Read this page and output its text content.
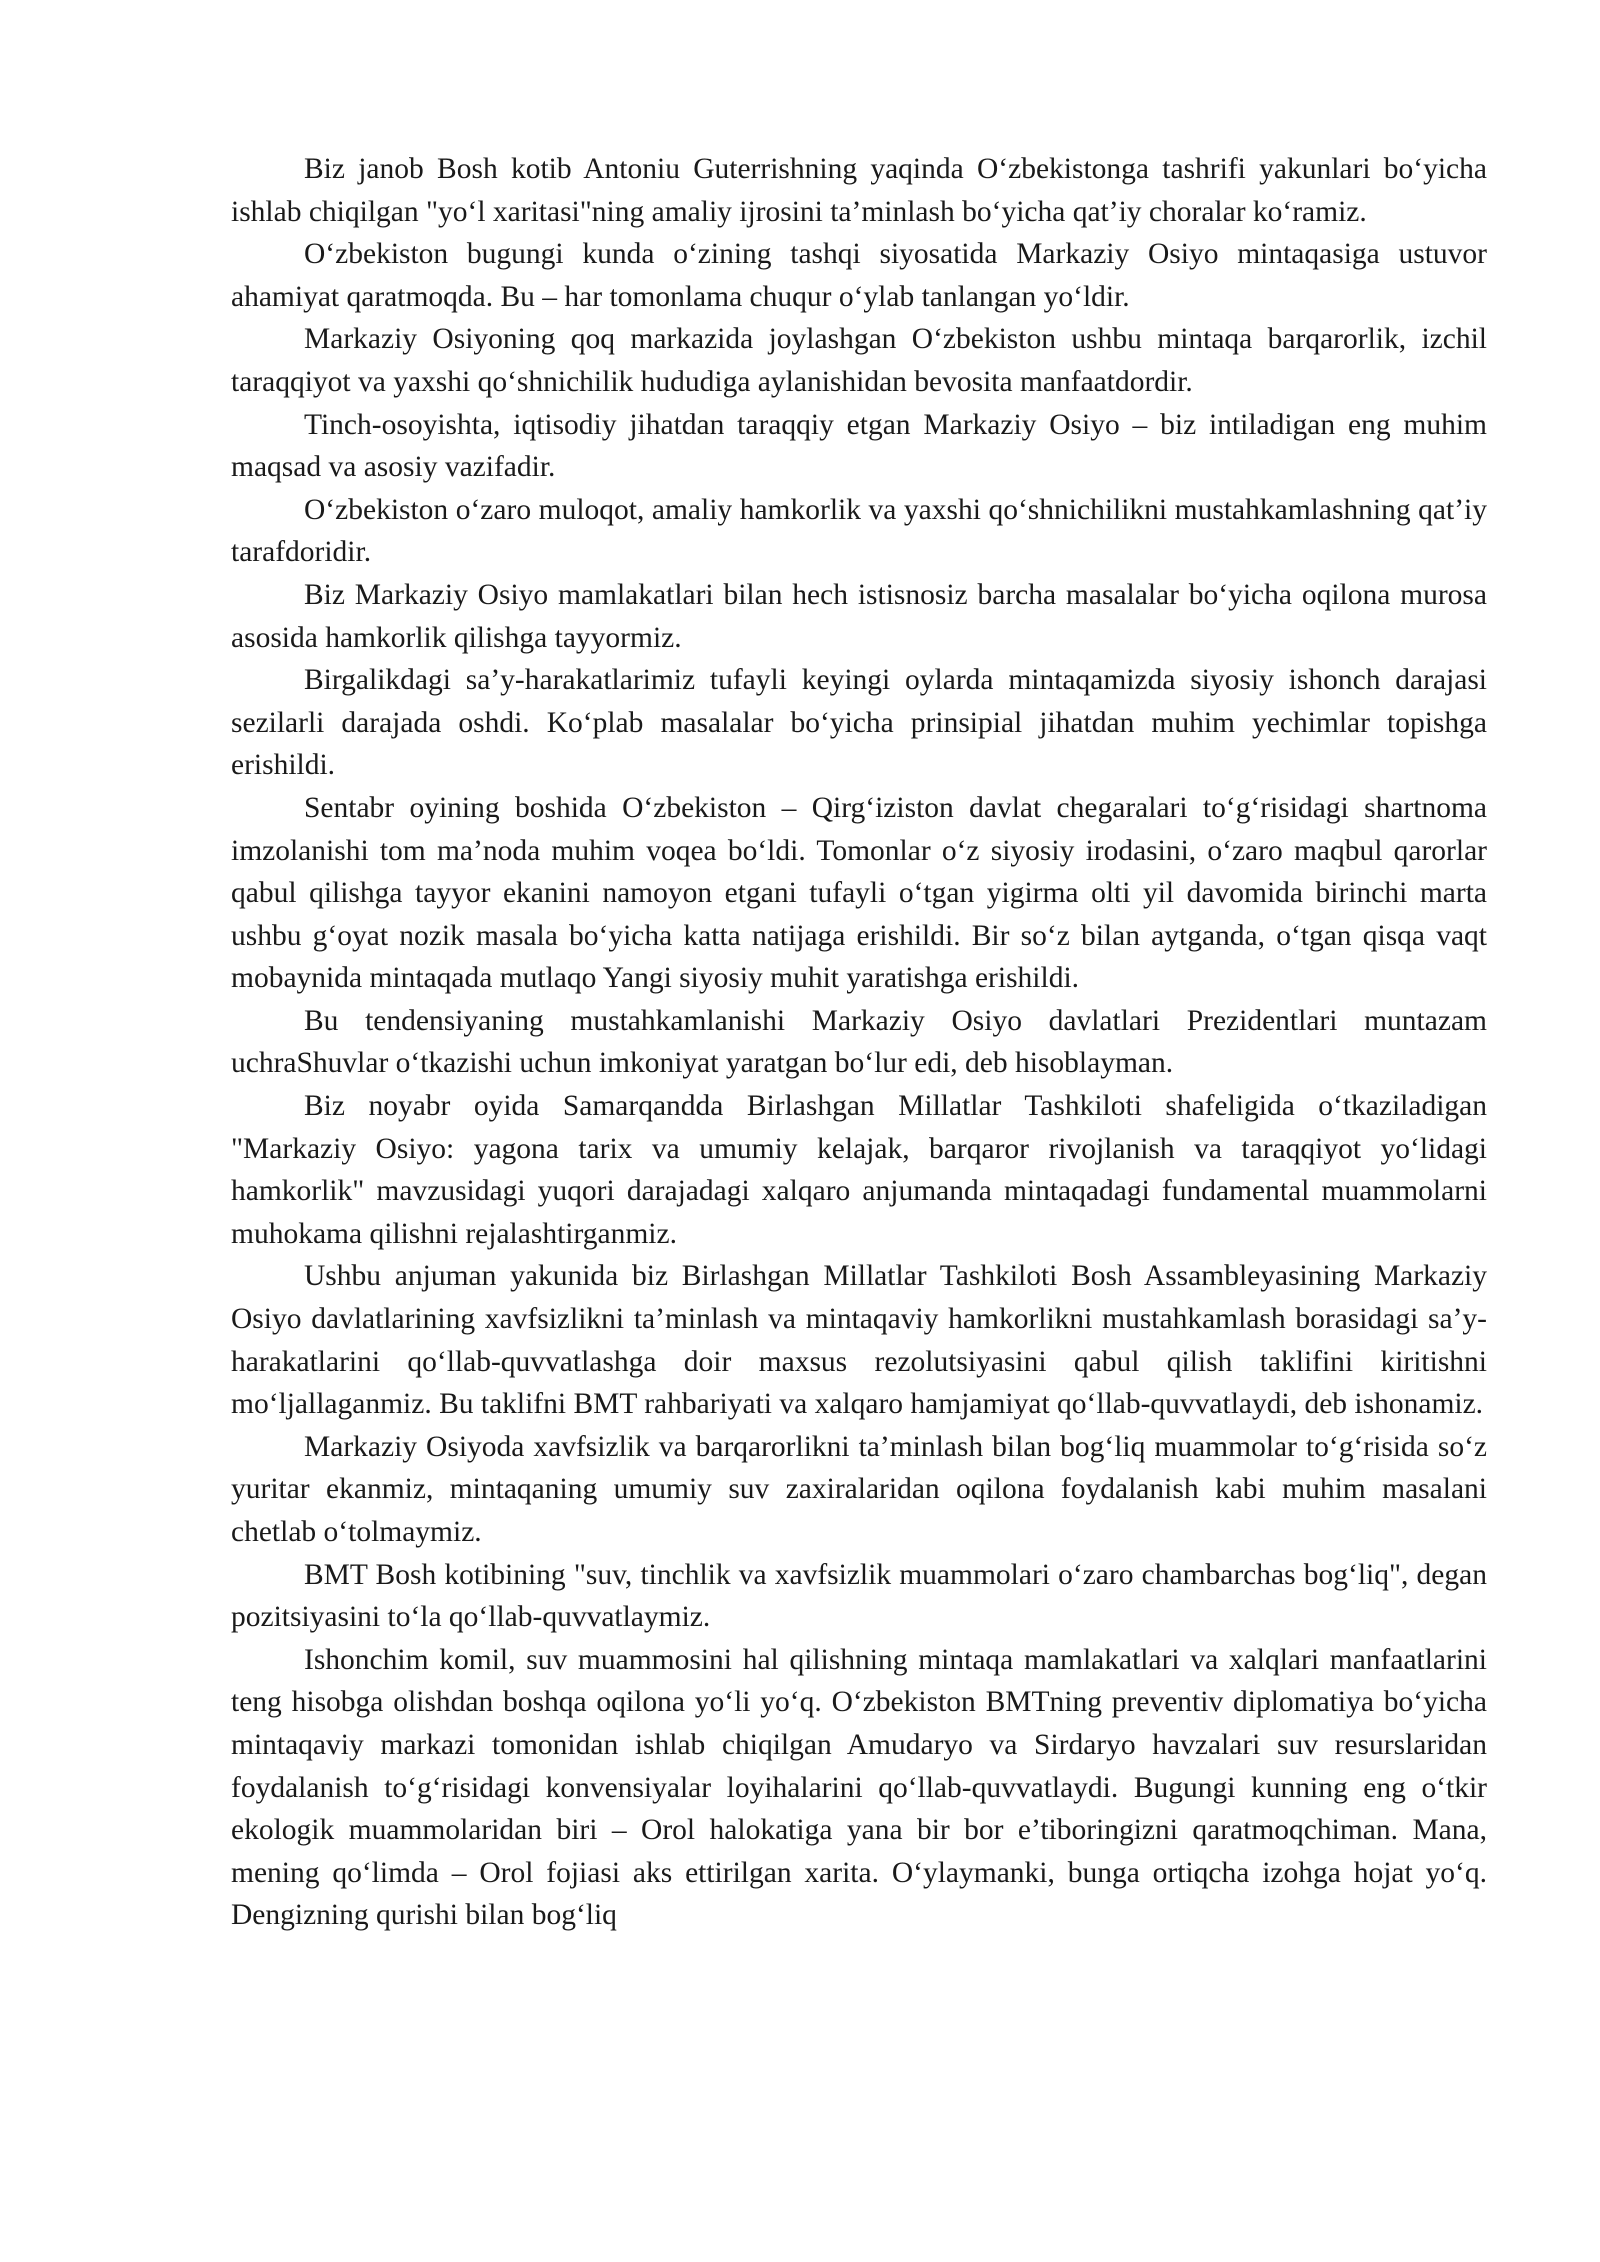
Biz janob Bosh kotib Antoniu Guterrishning yaqinda O‘zbekistonga tashrifi yakunlari bo‘yicha ishlab chiqilgan "yo‘l xaritasi"ning amaliy ijrosini ta’minlash bo‘yicha qat’iy choralar ko‘ramiz.

O‘zbekiston bugungi kunda o‘zining tashqi siyosatida Markaziy Osiyo mintaqasiga ustuvor ahamiyat qaratmoqda. Bu – har tomonlama chuqur o‘ylab tanlangan yo‘ldir.

Markaziy Osiyoning qoq markazida joylashgan O‘zbekiston ushbu mintaqa barqarorlik, izchil taraqqiyot va yaxshi qo‘shnichilik hududiga aylanishidan bevosita manfaatdordir.

Tinch-osoyishta, iqtisodiy jihatdan taraqqiy etgan Markaziy Osiyo – biz intiladigan eng muhim maqsad va asosiy vazifadir.

O‘zbekiston o‘zaro muloqot, amaliy hamkorlik va yaxshi qo‘shnichilikni mustahkamlashning qat’iy tarafdoridir.

Biz Markaziy Osiyo mamlakatlari bilan hech istisnosiz barcha masalalar bo‘yicha oqilona murosa asosida hamkorlik qilishga tayyormiz.

Birgalikdagi sa’y-harakatlarimiz tufayli keyingi oylarda mintaqamizda siyosiy ishonch darajasi sezilarli darajada oshdi. Ko‘plab masalalar bo‘yicha prinsipial jihatdan muhim yechimlar topishga erishildi.

Sentabr oyining boshida O‘zbekiston – Qirg‘iziston davlat chegaralari to‘g‘risidagi shartnoma imzolanishi tom ma’noda muhim voqea bo‘ldi. Tomonlar o‘z siyosiy irodasini, o‘zaro maqbul qarorlar qabul qilishga tayyor ekanini namoyon etgani tufayli o‘tgan yigirma olti yil davomida birinchi marta ushbu g‘oyat nozik masala bo‘yicha katta natijaga erishildi. Bir so‘z bilan aytganda, o‘tgan qisqa vaqt mobaynida mintaqada mutlaqo Yangi siyosiy muhit yaratishga erishildi.

Bu tendensiyaning mustahkamlanishi Markaziy Osiyo davlatlari Prezidentlari muntazam uchraShuvlar o‘tkazishi uchun imkoniyat yaratgan bo‘lur edi, deb hisoblayman.

Biz noyabr oyida Samarqandda Birlashgan Millatlar Tashkiloti shafeligida o‘tkaziladigan "Markaziy Osiyo: yagona tarix va umumiy kelajak, barqaror rivojlanish va taraqqiyot yo‘lidagi hamkorlik" mavzusidagi yuqori darajadagi xalqaro anjumanda mintaqadagi fundamental muammolarni muhokama qilishni rejalashtirganmiz.

Ushbu anjuman yakunida biz Birlashgan Millatlar Tashkiloti Bosh Assambleyasining Markaziy Osiyo davlatlarining xavfsizlikni ta’minlash va mintaqaviy hamkorlikni mustahkamlash borasidagi sa’y-harakatlarini qo‘llab-quvvatlashga doir maxsus rezolutsiyasini qabul qilish taklifini kiritishni mo‘ljallaganmiz. Bu taklifni BMT rahbariyati va xalqaro hamjamiyat qo‘llab-quvvatlaydi, deb ishonamiz.

Markaziy Osiyoda xavfsizlik va barqarorlikni ta’minlash bilan bog‘liq muammolar to‘g‘risida so‘z yuritar ekanmiz, mintaqaning umumiy suv zaxiralaridan oqilona foydalanish kabi muhim masalani chetlab o‘tolmaymiz.

BMT Bosh kotibining "suv, tinchlik va xavfsizlik muammolari o‘zaro chambarchas bog‘liq", degan pozitsiyasini to‘la qo‘llab-quvvatlaymiz.

Ishonchim komil, suv muammosini hal qilishning mintaqa mamlakatlari va xalqlari manfaatlarini teng hisobga olishdan boshqa oqilona yo‘li yo‘q. O‘zbekiston BMTning preventiv diplomatiya bo‘yicha mintaqaviy markazi tomonidan ishlab chiqilgan Amudaryo va Sirdaryo havzalari suv resurslaridan foydalanish to‘g‘risidagi konvensiyalar loyihalarini qo‘llab-quvvatlaydi. Bugungi kunning eng o‘tkir ekologik muammolaridan biri – Orol halokatiga yana bir bor e’tiboringizni qaratmoqchiman. Mana, mening qo‘limda – Orol fojiasi aks ettirilgan xarita. O‘ylaymanki, bunga ortiqcha izohga hojat yo‘q. Dengizning qurishi bilan bog‘liq
